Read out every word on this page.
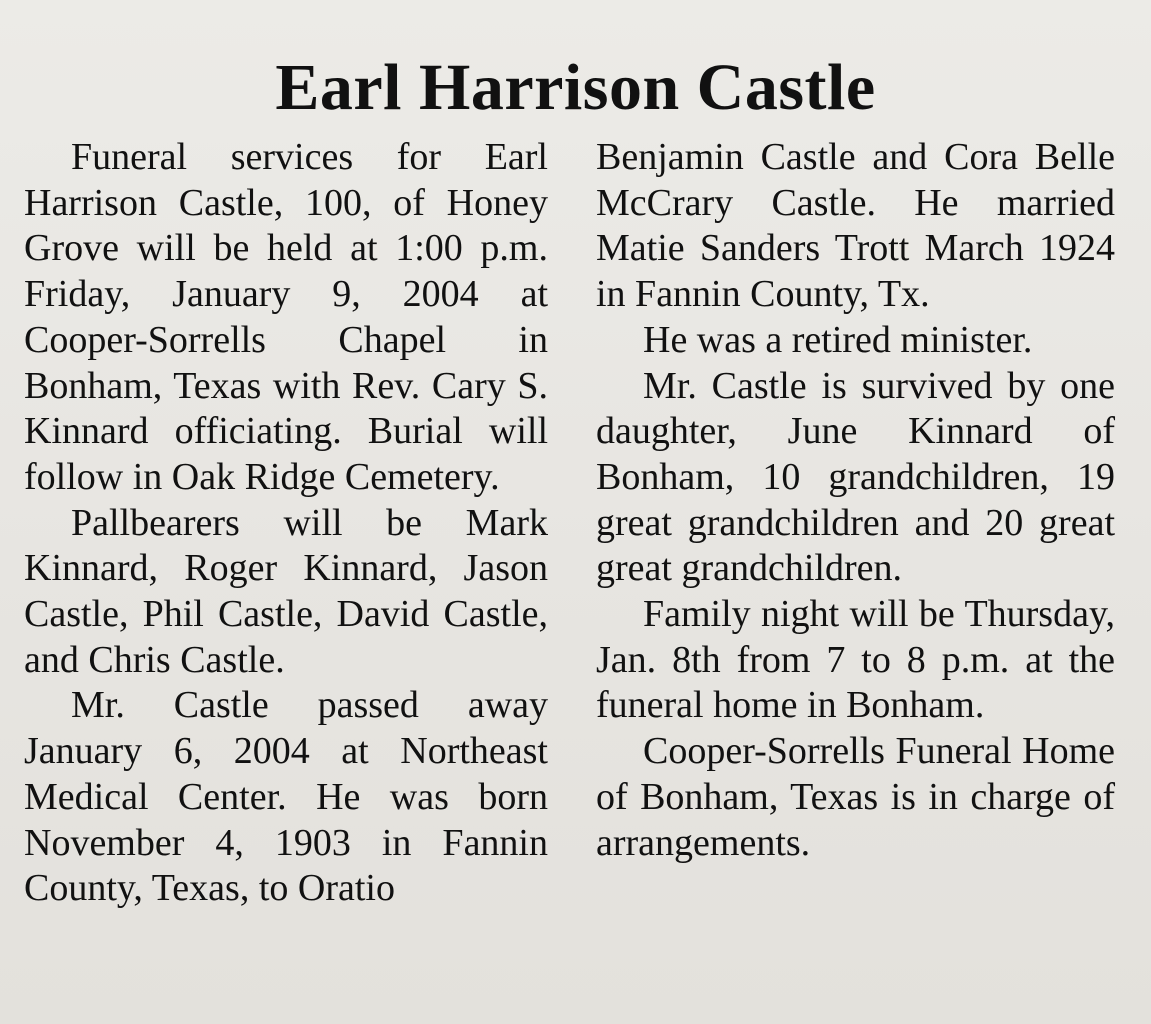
Earl Harrison Castle

Funeral services for Earl Harrison Castle, 100, of Honey Grove will be held at 1:00 p.m. Friday, January 9, 2004 at Cooper-Sorrells Chapel in Bonham, Texas with Rev. Cary S. Kinnard officiating. Burial will follow in Oak Ridge Cemetery.

Pallbearers will be Mark Kinnard, Roger Kinnard, Jason Castle, Phil Castle, David Castle, and Chris Castle.

Mr. Castle passed away January 6, 2004 at Northeast Medical Center. He was born November 4, 1903 in Fannin County, Texas, to Oratio

Benjamin Castle and Cora Belle McCrary Castle. He married Matie Sanders Trott March 1924 in Fannin County, Tx.

He was a retired minister.

Mr. Castle is survived by one daughter, June Kinnard of Bonham, 10 grandchildren, 19 great grandchildren and 20 great great grandchildren.

Family night will be Thursday, Jan. 8th from 7 to 8 p.m. at the funeral home in Bonham.

Cooper-Sorrells Funeral Home of Bonham, Texas is in charge of arrangements.
